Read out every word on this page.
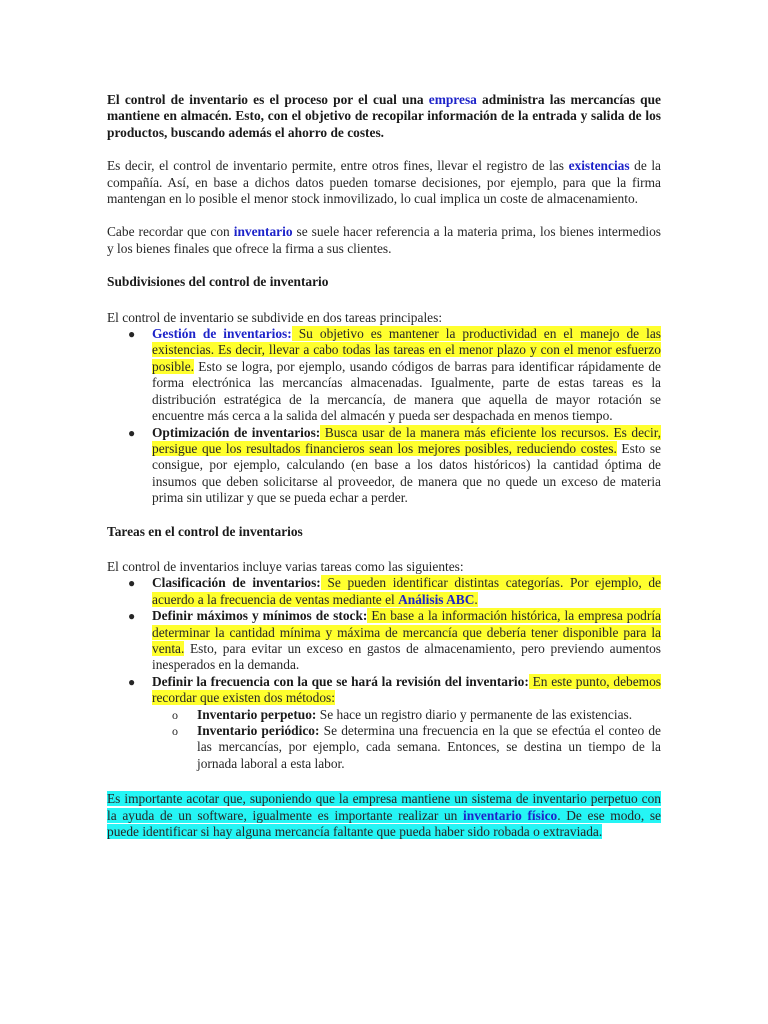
El control de inventario es el proceso por el cual una empresa administra las mercancías que mantiene en almacén. Esto, con el objetivo de recopilar información de la entrada y salida de los productos, buscando además el ahorro de costes.

Es decir, el control de inventario permite, entre otros fines, llevar el registro de las existencias de la compañía. Así, en base a dichos datos pueden tomarse decisiones, por ejemplo, para que la firma mantengan en lo posible el menor stock inmovilizado, lo cual implica un coste de almacenamiento.

Cabe recordar que con inventario se suele hacer referencia a la materia prima, los bienes intermedios y los bienes finales que ofrece la firma a sus clientes.

Subdivisiones del control de inventario

El control de inventario se subdivide en dos tareas principales:

● Gestión de inventarios: Su objetivo es mantener la productividad en el manejo de las existencias. Es decir, llevar a cabo todas las tareas en el menor plazo y con el menor esfuerzo posible. Esto se logra, por ejemplo, usando códigos de barras para identificar rápidamente de forma electrónica las mercancías almacenadas. Igualmente, parte de estas tareas es la distribución estratégica de la mercancía, de manera que aquella de mayor rotación se encuentre más cerca a la salida del almacén y pueda ser despachada en menos tiempo.
● Optimización de inventarios: Busca usar de la manera más eficiente los recursos. Es decir, persigue que los resultados financieros sean los mejores posibles, reduciendo costes. Esto se consigue, por ejemplo, calculando (en base a los datos históricos) la cantidad óptima de insumos que deben solicitarse al proveedor, de manera que no quede un exceso de materia prima sin utilizar y que se pueda echar a perder.

Tareas en el control de inventarios

El control de inventarios incluye varias tareas como las siguientes:

● Clasificación de inventarios: Se pueden identificar distintas categorías. Por ejemplo, de acuerdo a la frecuencia de ventas mediante el Análisis ABC.
● Definir máximos y mínimos de stock: En base a la información histórica, la empresa podría determinar la cantidad mínima y máxima de mercancía que debería tener disponible para la venta. Esto, para evitar un exceso en gastos de almacenamiento, pero previendo aumentos inesperados en la demanda.
● Definir la frecuencia con la que se hará la revisión del inventario: En este punto, debemos recordar que existen dos métodos:
o Inventario perpetuo: Se hace un registro diario y permanente de las existencias.
o Inventario periódico: Se determina una frecuencia en la que se efectúa el conteo de las mercancías, por ejemplo, cada semana. Entonces, se destina un tiempo de la jornada laboral a esta labor.

Es importante acotar que, suponiendo que la empresa mantiene un sistema de inventario perpetuo con la ayuda de un software, igualmente es importante realizar un inventario físico. De ese modo, se puede identificar si hay alguna mercancía faltante que pueda haber sido robada o extraviada.
